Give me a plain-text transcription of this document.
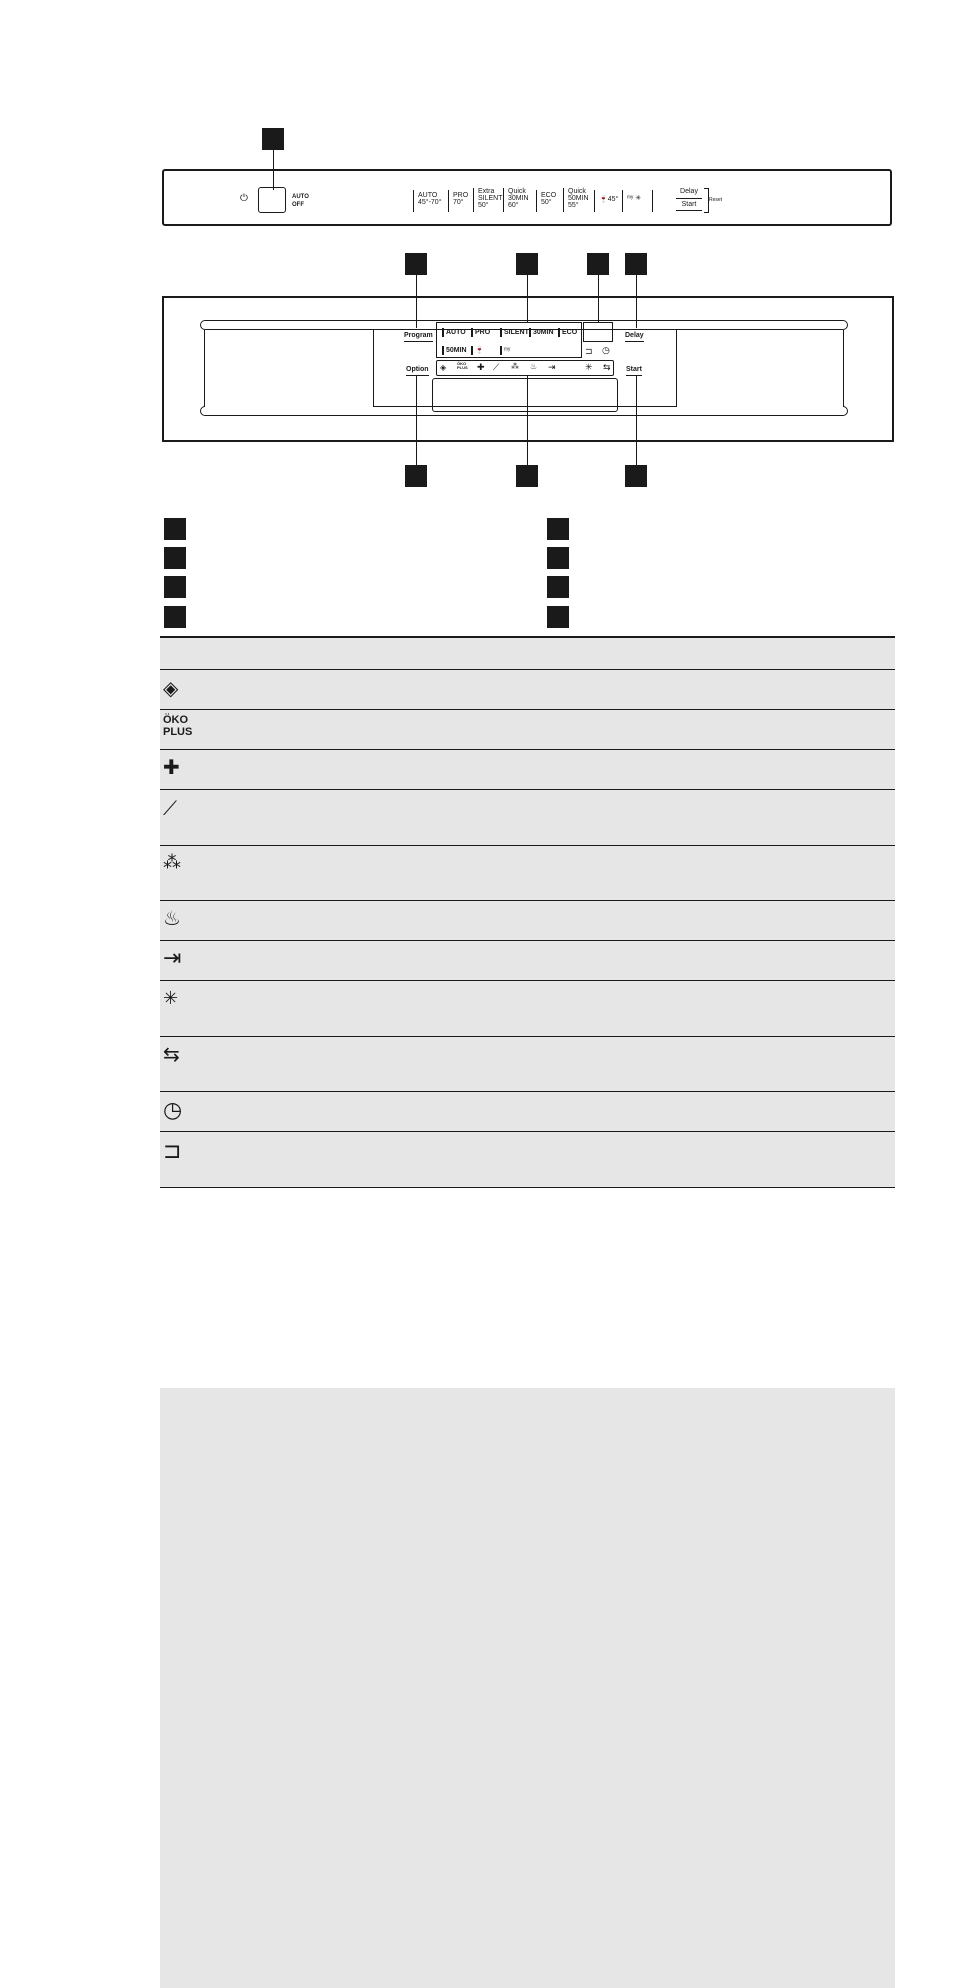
⏻	AUTO
OFF
AUTO
45°-70°
PRO
70°
Extra
SILENT
50°
Quick
30MIN
60°
ECO
50°
Quick
50MIN
55°
🍷45°	ᵐʸ ✳
Delay
Start
Reset
Program
Option
Delay
Start
AUTO	PRO	SILENT 30MIN	ECO
50MIN	🍷	ᵐʸ	⊐ ◷
◈	ÖKO
PLUS ✚ ⟋ ⁂ ♨ ⇥	✳ ⇆
◈
ÖKO
PLUS
✚
⟋
⁂
♨
⇥
✳
⇆
◷
⊐
